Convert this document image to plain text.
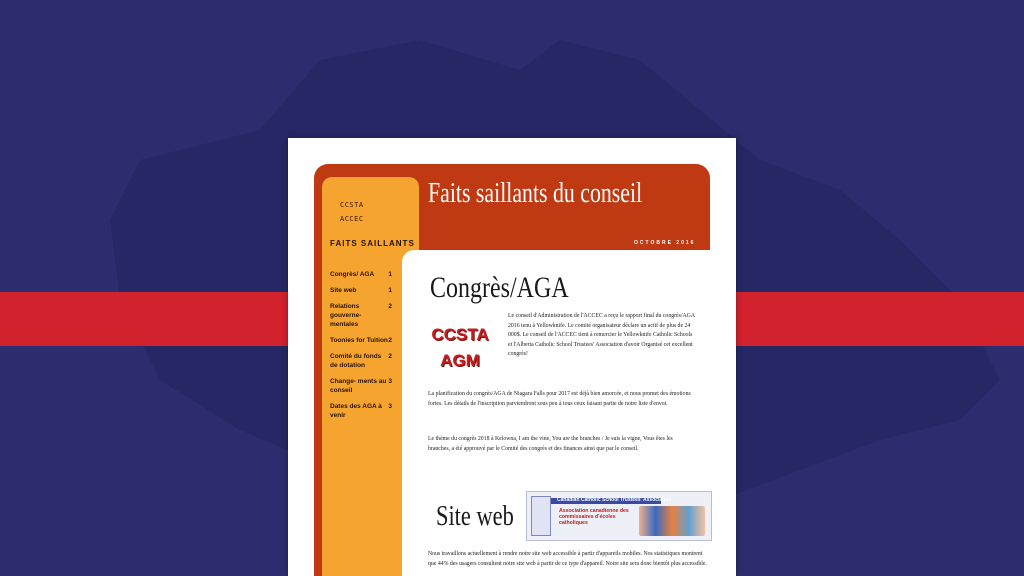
CCSTA
ACCEC
FAITS SAILLANTS
Congrès/ AGA 1
Site web	1
Relations gouverne- mentales
2
Toonies for Tuition 2
Comité du fonds de dotation
2
Change- ments au conseil
3
Dates des AGA à venir
3
Faits saillants du conseil
OCTOBRE 2016
Congrès/AGA
CCSTA
AGM
Le conseil d'Administration de l'ACCEC a reçu le rapport final du congrès/AGA 2016 tenu à Yellowknife. Le comité organisateur déclare un actif de plus de 24 000$. Le conseil de l'ACCEC tient à remercier le Yellowknife Catholic Schools et l'Alberta Catholic School Trustees' Association d'avoir Organisé cet excellent congrès!
La planification du congrès/AGA de Niagara Falls pour 2017 est déjà bien amorcée, et nous promet des émotions fortes. Les détails de l'inscription parviendront sous peu à tous ceux faisant partie de notre liste d'envoi.
Le thème du congrès 2018 à Kelowna, I am the vine, You are the branches / Je suis la vigne, Vous êtes les branches, a été approuvé par le Comité des congrès et des finances ainsi que par le conseil.
Site web
Canadian Catholic School Trustees' Association
Association canadienne des commissaires d'écoles catholiques
Nous travaillons actuellement à rendre notre site web accessible à partir d'appareils mobiles. Nos statistiques montrent que 44% des usagers consultent notre site web à partir de ce type d'appareil. Notre site sera donc bientôt plus accessible.
